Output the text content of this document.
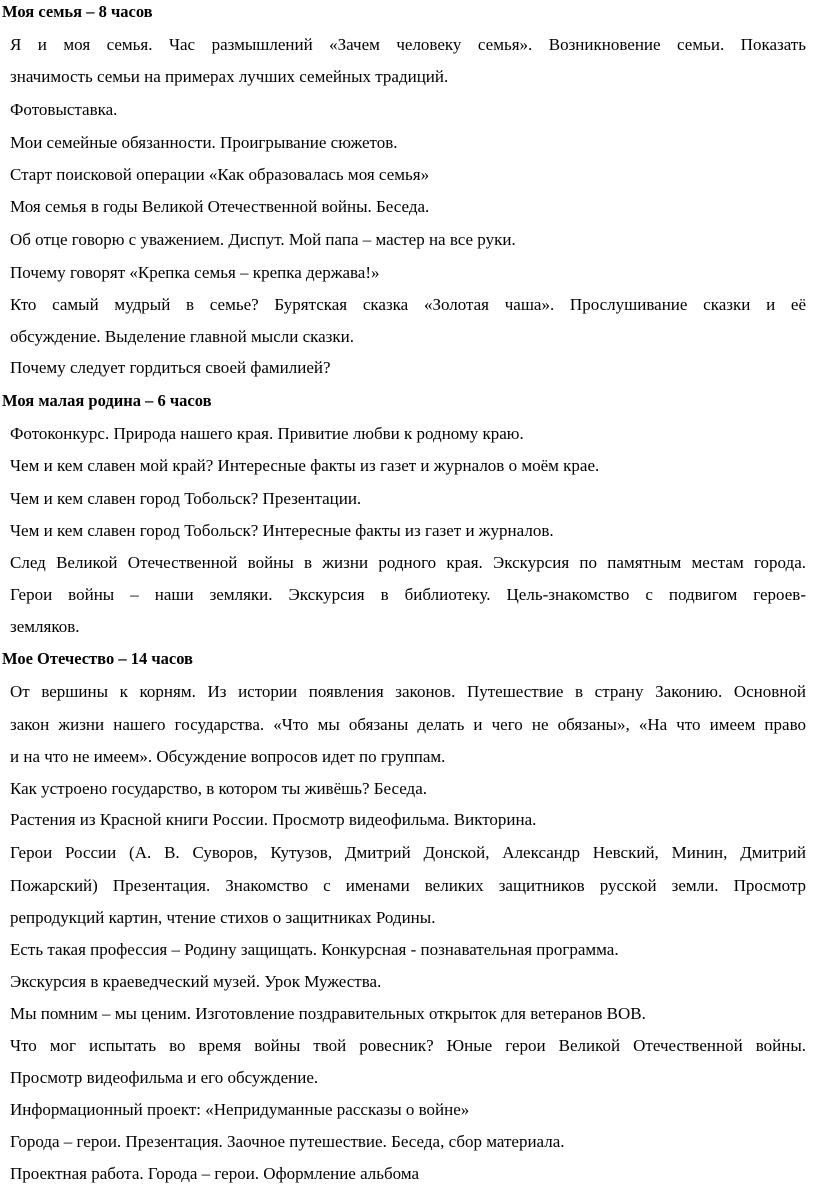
Моя семья – 8 часов
Я и моя семья. Час размышлений «Зачем человеку семья». Возникновение семьи. Показать
значимость семьи на примерах лучших семейных традиций.
Фотовыставка.
Мои семейные обязанности. Проигрывание сюжетов.
Старт поисковой операции «Как образовалась моя семья»
Моя семья в годы Великой Отечественной войны. Беседа.
Об отце говорю с уважением. Диспут. Мой папа – мастер на все руки.
Почему говорят «Крепка семья – крепка держава!»
Кто самый мудрый в семье? Бурятская сказка «Золотая чаша». Прослушивание сказки и её
обсуждение. Выделение главной мысли сказки.
Почему следует гордиться своей фамилией?
Моя малая родина – 6 часов
Фотоконкурс. Природа нашего края. Привитие любви к родному краю.
Чем и кем славен мой край? Интересные факты из газет и журналов о моём крае.
Чем и кем славен город Тобольск? Презентации.
Чем и кем славен город Тобольск? Интересные факты из газет и журналов.
След Великой Отечественной войны в жизни родного края. Экскурсия по памятным местам города.
Герои войны – наши земляки. Экскурсия в библиотеку. Цель-знакомство с подвигом героев-
земляков.
Мое Отечество – 14 часов
От вершины к корням. Из истории появления законов. Путешествие в страну Законию. Основной
закон жизни нашего государства. «Что мы обязаны делать и чего не обязаны», «На что имеем право
и на что не имеем». Обсуждение вопросов идет по группам.
Как устроено государство, в котором ты живёшь? Беседа.
Растения из Красной книги России. Просмотр видеофильма. Викторина.
Герои России (А. В. Суворов, Кутузов, Дмитрий Донской, Александр Невский, Минин, Дмитрий
Пожарский) Презентация. Знакомство с именами великих защитников русской земли. Просмотр
репродукций картин, чтение стихов о защитниках Родины.
Есть такая профессия – Родину защищать. Конкурсная - познавательная программа.
Экскурсия в краеведческий музей. Урок Мужества.
Мы помним – мы ценим. Изготовление поздравительных открыток для ветеранов ВОВ.
Что мог испытать во время войны твой ровесник? Юные герои Великой Отечественной войны.
Просмотр видеофильма и его обсуждение.
Информационный проект: «Непридуманные рассказы о войне»
Города – герои. Презентация. Заочное путешествие. Беседа, сбор материала.
Проектная работа. Города – герои. Оформление альбома
